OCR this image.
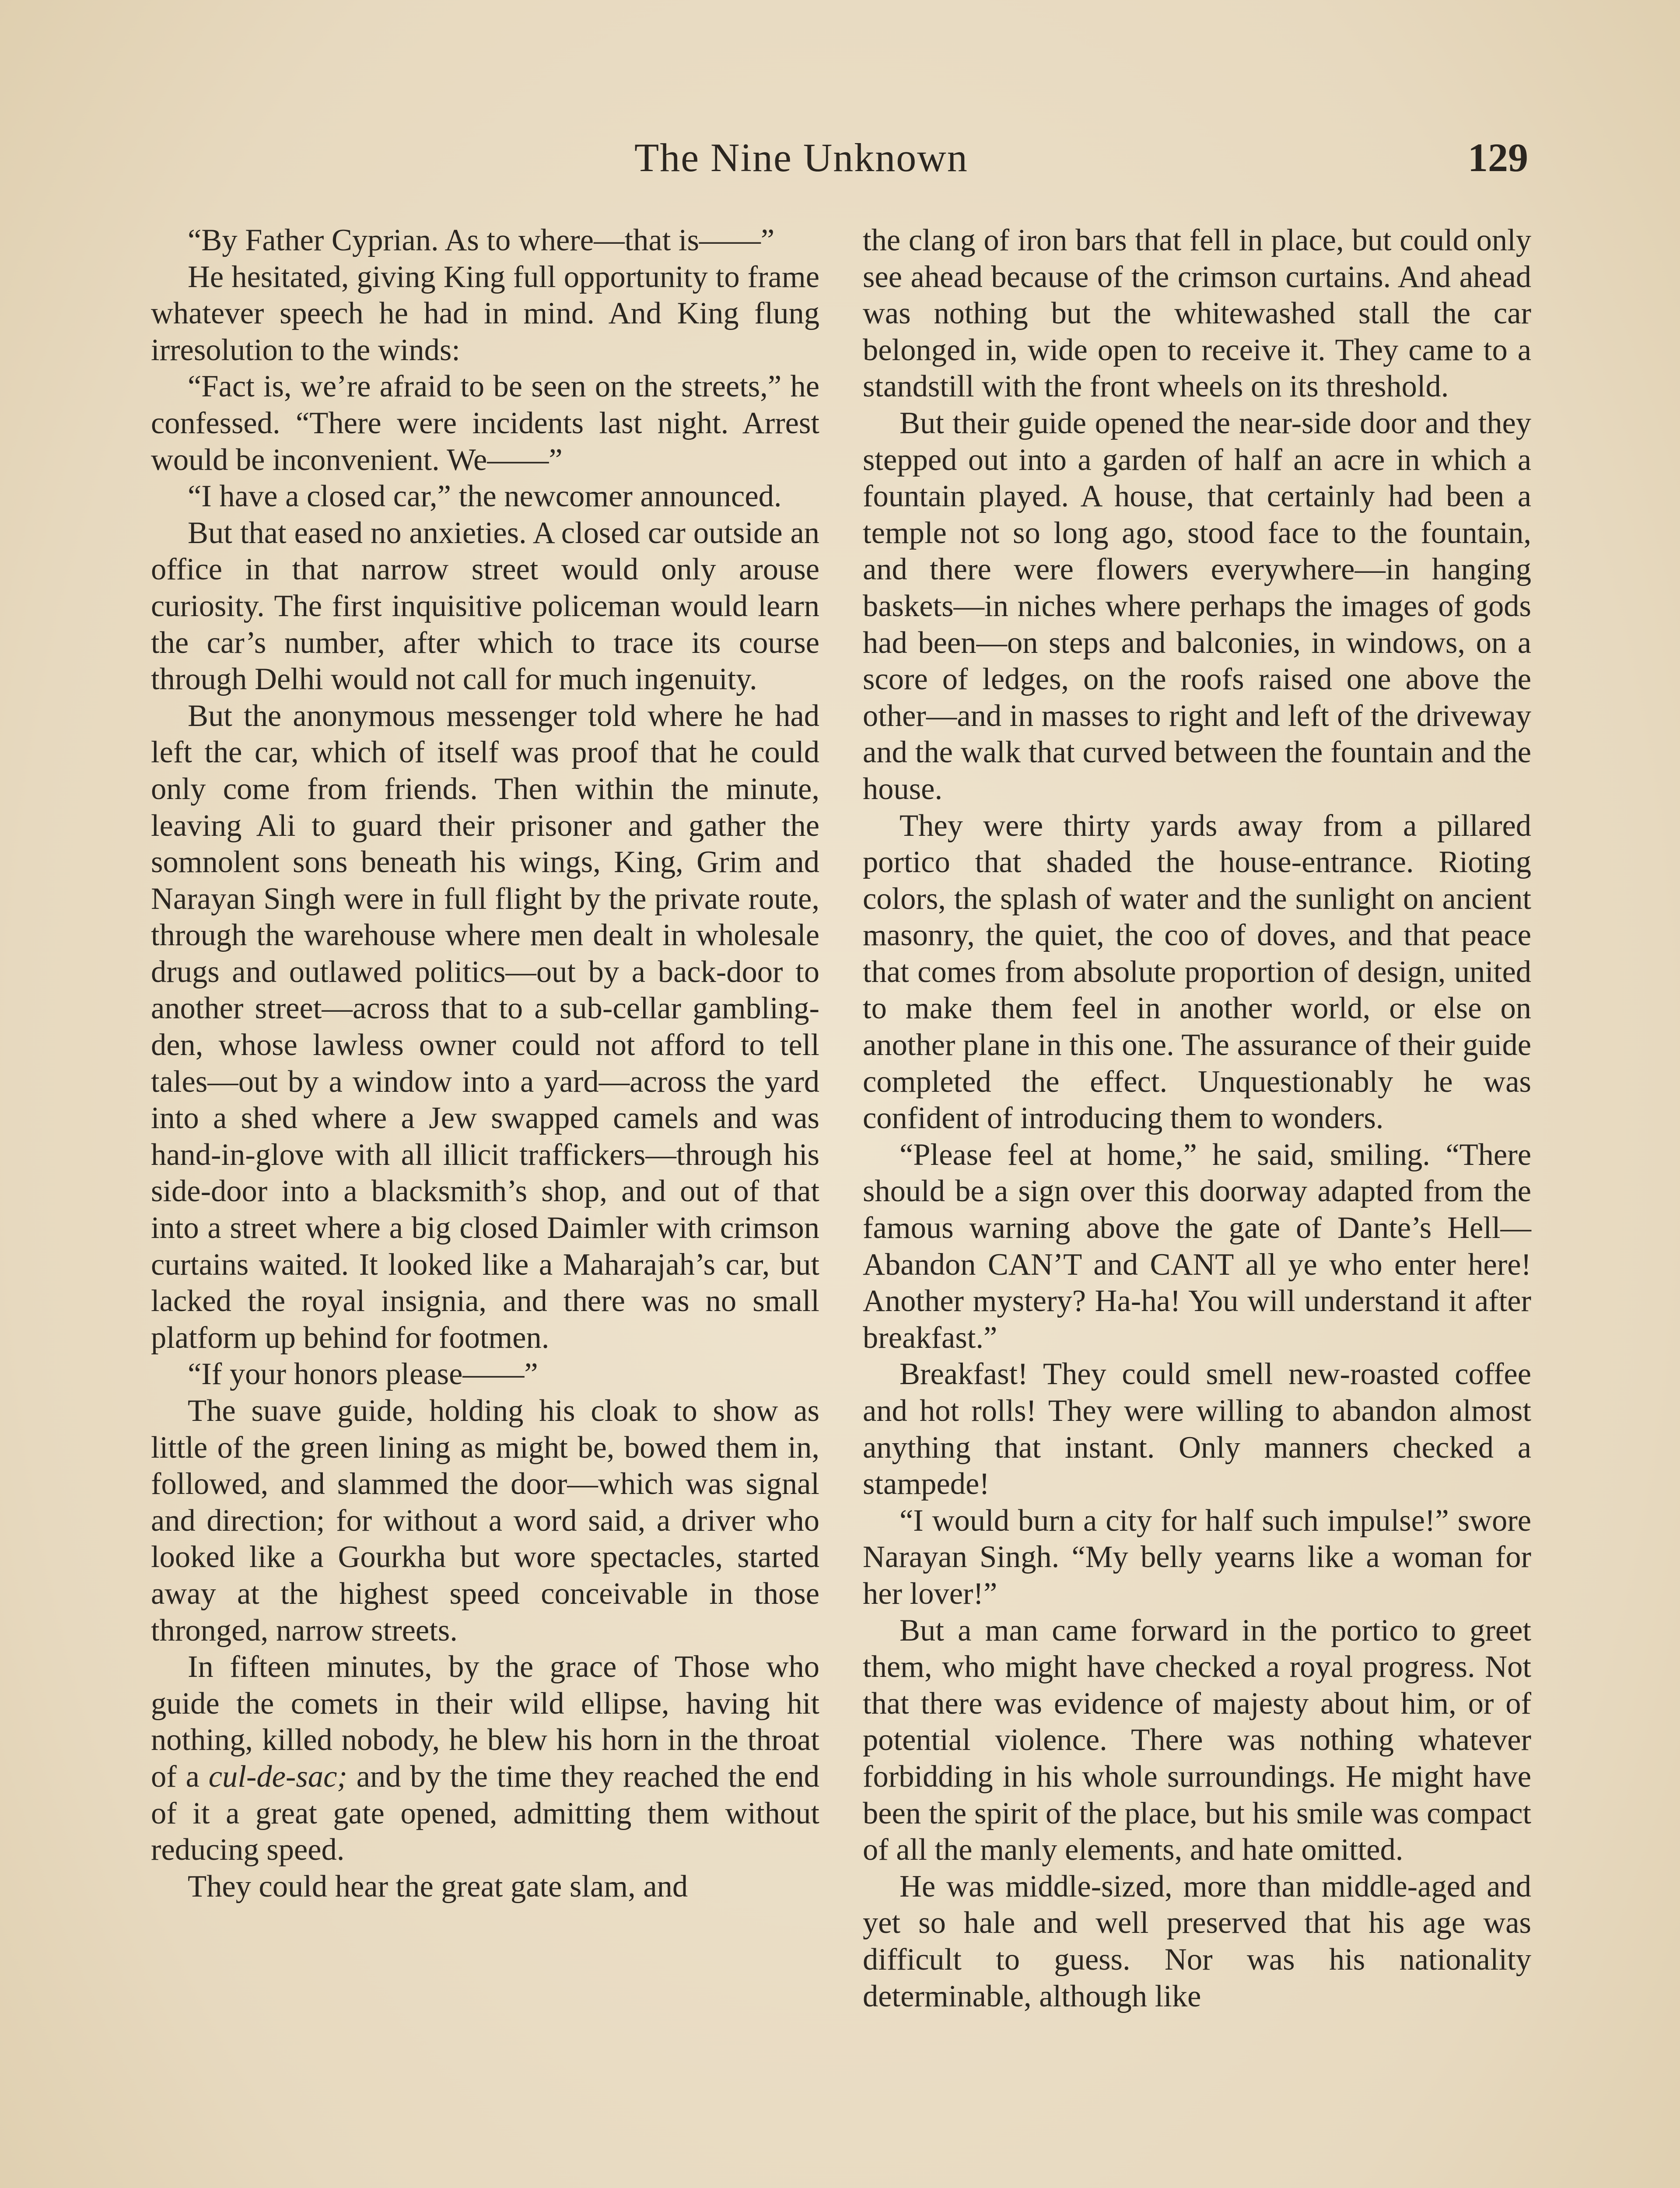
The Nine Unknown	129

“By Father Cyprian. As to where—that is——”

He hesitated, giving King full opportunity to frame whatever speech he had in mind. And King flung irresolution to the winds:

“Fact is, we’re afraid to be seen on the streets,” he confessed. “There were incidents last night. Arrest would be inconvenient. We——”

“I have a closed car,” the newcomer announced.

But that eased no anxieties. A closed car outside an office in that narrow street would only arouse curiosity. The first inquisitive policeman would learn the car’s number, after which to trace its course through Delhi would not call for much ingenuity.

But the anonymous messenger told where he had left the car, which of itself was proof that he could only come from friends. Then within the minute, leaving Ali to guard their prisoner and gather the somnolent sons beneath his wings, King, Grim and Narayan Singh were in full flight by the private route, through the warehouse where men dealt in wholesale drugs and outlawed politics—out by a back-door to another street—across that to a sub-cellar gambling-den, whose lawless owner could not afford to tell tales—out by a window into a yard—across the yard into a shed where a Jew swapped camels and was hand-in-glove with all illicit traffickers—through his side-door into a blacksmith’s shop, and out of that into a street where a big closed Daimler with crimson curtains waited. It looked like a Maharajah’s car, but lacked the royal insignia, and there was no small platform up behind for footmen.

“If your honors please——”

The suave guide, holding his cloak to show as little of the green lining as might be, bowed them in, followed, and slammed the door—which was signal and direction; for without a word said, a driver who looked like a Gourkha but wore spectacles, started away at the highest speed conceivable in those thronged, narrow streets.

In fifteen minutes, by the grace of Those who guide the comets in their wild ellipse, having hit nothing, killed nobody, he blew his horn in the throat of a cul-de-sac; and by the time they reached the end of it a great gate opened, admitting them without reducing speed.

They could hear the great gate slam, and

the clang of iron bars that fell in place, but could only see ahead because of the crimson curtains. And ahead was nothing but the whitewashed stall the car belonged in, wide open to receive it. They came to a standstill with the front wheels on its threshold.

But their guide opened the near-side door and they stepped out into a garden of half an acre in which a fountain played. A house, that certainly had been a temple not so long ago, stood face to the fountain, and there were flowers everywhere—in hanging baskets—in niches where perhaps the images of gods had been—on steps and balconies, in windows, on a score of ledges, on the roofs raised one above the other—and in masses to right and left of the driveway and the walk that curved between the fountain and the house.

They were thirty yards away from a pillared portico that shaded the house-entrance. Rioting colors, the splash of water and the sunlight on ancient masonry, the quiet, the coo of doves, and that peace that comes from absolute proportion of design, united to make them feel in another world, or else on another plane in this one. The assurance of their guide completed the effect. Unquestionably he was confident of introducing them to wonders.

“Please feel at home,” he said, smiling. “There should be a sign over this doorway adapted from the famous warning above the gate of Dante’s Hell—Abandon CAN’T and CANT all ye who enter here! Another mystery? Ha-ha! You will understand it after breakfast.”

Breakfast! They could smell new-roasted coffee and hot rolls! They were willing to abandon almost anything that instant. Only manners checked a stampede!

“I would burn a city for half such impulse!” swore Narayan Singh. “My belly yearns like a woman for her lover!”

But a man came forward in the portico to greet them, who might have checked a royal progress. Not that there was evidence of majesty about him, or of potential violence. There was nothing whatever forbidding in his whole surroundings. He might have been the spirit of the place, but his smile was compact of all the manly elements, and hate omitted.

He was middle-sized, more than middle-aged and yet so hale and well preserved that his age was difficult to guess. Nor was his nationality determinable, although like
